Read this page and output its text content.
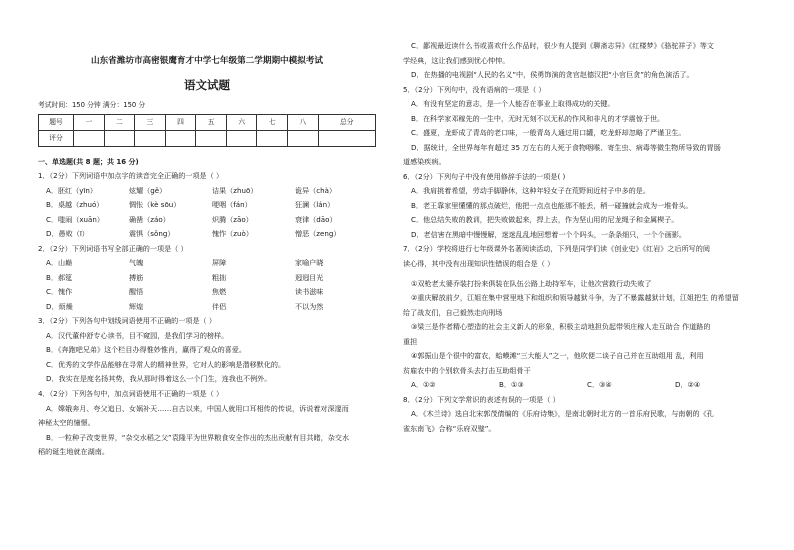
山东省潍坊市高密银鹰育才中学七年级第二学期期中模拟考试
语文试题
考试时间：150 分钟 满分：150 分
题号	一	二	三	四	五	六	七	八	总分
评分									
一、单选题(共 8 题；共 16 分)
1．（2分）下列词语中加点字的读音完全正确的一项是（ ）
A．胚红（yīn）	炫耀（gě）	诘果（zhuō）	诡异（chà）
B．桌越（zhuó）	惆怅（kè sōu）	哽咽（fán）	狂澜（lán）
C．嗤闹（xuān）	确凿（záo）	炽腾（zāo）	衰律（dāo）
D．愚败（ī）	震惧（sǒng）	愧怍（zuò）	憎恶（zeng）
2．（2分）下列词语书写全部正确的一项是（ ）
A．山巅	气魄	屏障	家喻户晓
B．郝筵	搏筋	粗拙	迥迥目光
C．愧作	醒悟	焦燃	读书滋味
D．烦燥	辉煌	伴侣	不以为然
3．（2分）下列各句中划线词语使用不正确的一项是（ ）
A．汉代董仲舒专心读书，目不窥园，是我们学习的榜样。
B．《奔跑吧兄弟》这个栏目办得惟妙惟肖，赢得了观众的喜爱。
C．优秀的文学作品能够在寻常人的精神世界，它对人的影响是潜移默化的。
D．我实在是度名扬其势，我从那时得着这么一个门生，连我也不例外。
4．（2分）下列各句中，加点词语使用不正确的一项是（ ）
A．嫦娥奔月、夸父追日、女娲补天……自古以来，中国人就用口耳相传的传说，诉说着对深邃而
神秘太空的憧憬。
B．一粒种子改变世界，“杂交水稻之父”袁隆平为世界粮食安全作出的杰出贡献有目共睹，杂交水
稻的诞生地就在湖南。
C．鄙视最近读什么书或喜欢什么作品时，很少有人提到《聊斋志异》《红楼梦》《骆驼祥子》等文
学经典，这让我们感到忧心忡忡。
D．在热播的电视剧“人民的名义”中，侯勇饰演的贪官赵德汉把“小官巨贪”的角色演活了。
5．（2分）下列句中，没有语病的一项是（ ）
A．有没有坚定的意志，是一个人能否在事业上取得成功的关键。
B．在科学家邓稼先的一生中，无时无刻不以无私的作风和非凡的才学震惊于世。
C．盛夏，龙虾成了青岛的老口味，一般青岛人通过用口罐，吃龙虾却忽略了严谨卫生。
D．据统计，全世界每年有超过 35 万左右的人死于食物咽喉、寄生虫、病毒等微生物所导致的胃肠
道感染疾病。
6．（2分）下列句子中没有使用修辞手法的一项是( )
A．我肩挑着希望，劳动手脚静休，这种年轻女子在荒野间近村子中多的是。
B．老王靠家里懂懂的那点破烂，他把一点点也能那不能丢，稍一碰撞就会成为一堆骨头。
C．他总结失败的教训，把失败做起来，捍上去，作为坚山用的尼龙绳子和金属楔子。
D．老信害在黑暗中慢慢解，迷迷乱乱地回想着一个个吗头，一条条细只，一个个画影。
7．（2分）学校将进行七年级课外名著阅读活动，下列是同学们读《创业史》《红岩》之后所写的阅
读心得，其中没有出现知识性错误的组合是（ ）
①双枪老太婆乔装打扮来俱装在队伍公路上劫持军车，让他次营救行动失败了
②重庆解放前夕，江姐在集中营里地下和组织和领导越狱斗争，为了不暴露越狱计划，江姐把生 的希望留
给了战友们，自己毅然走向刑场
③梁三是作者精心塑造的社会主义新人的形象，积极主动地担负起带领庄稼人走互助合 作道路的
重担
④郭振山是个很中的富农，蛤蟆滩“三大能人”之一，他吹便二谈子自己并在互助组用 乱，利用
贫雇农中的个别软骨头去打击互助组骨干
A．①②	B．①③	C．③④	D．②④
8．（2分）下列文学常识的表述有误的一项是（ ）
A．《木兰诗》选自北宋郭茂倩编的《乐府诗集》，是南北朝时北方的一首乐府民歌，与南朝的《孔
雀东南飞》合称“乐府双璧”。
